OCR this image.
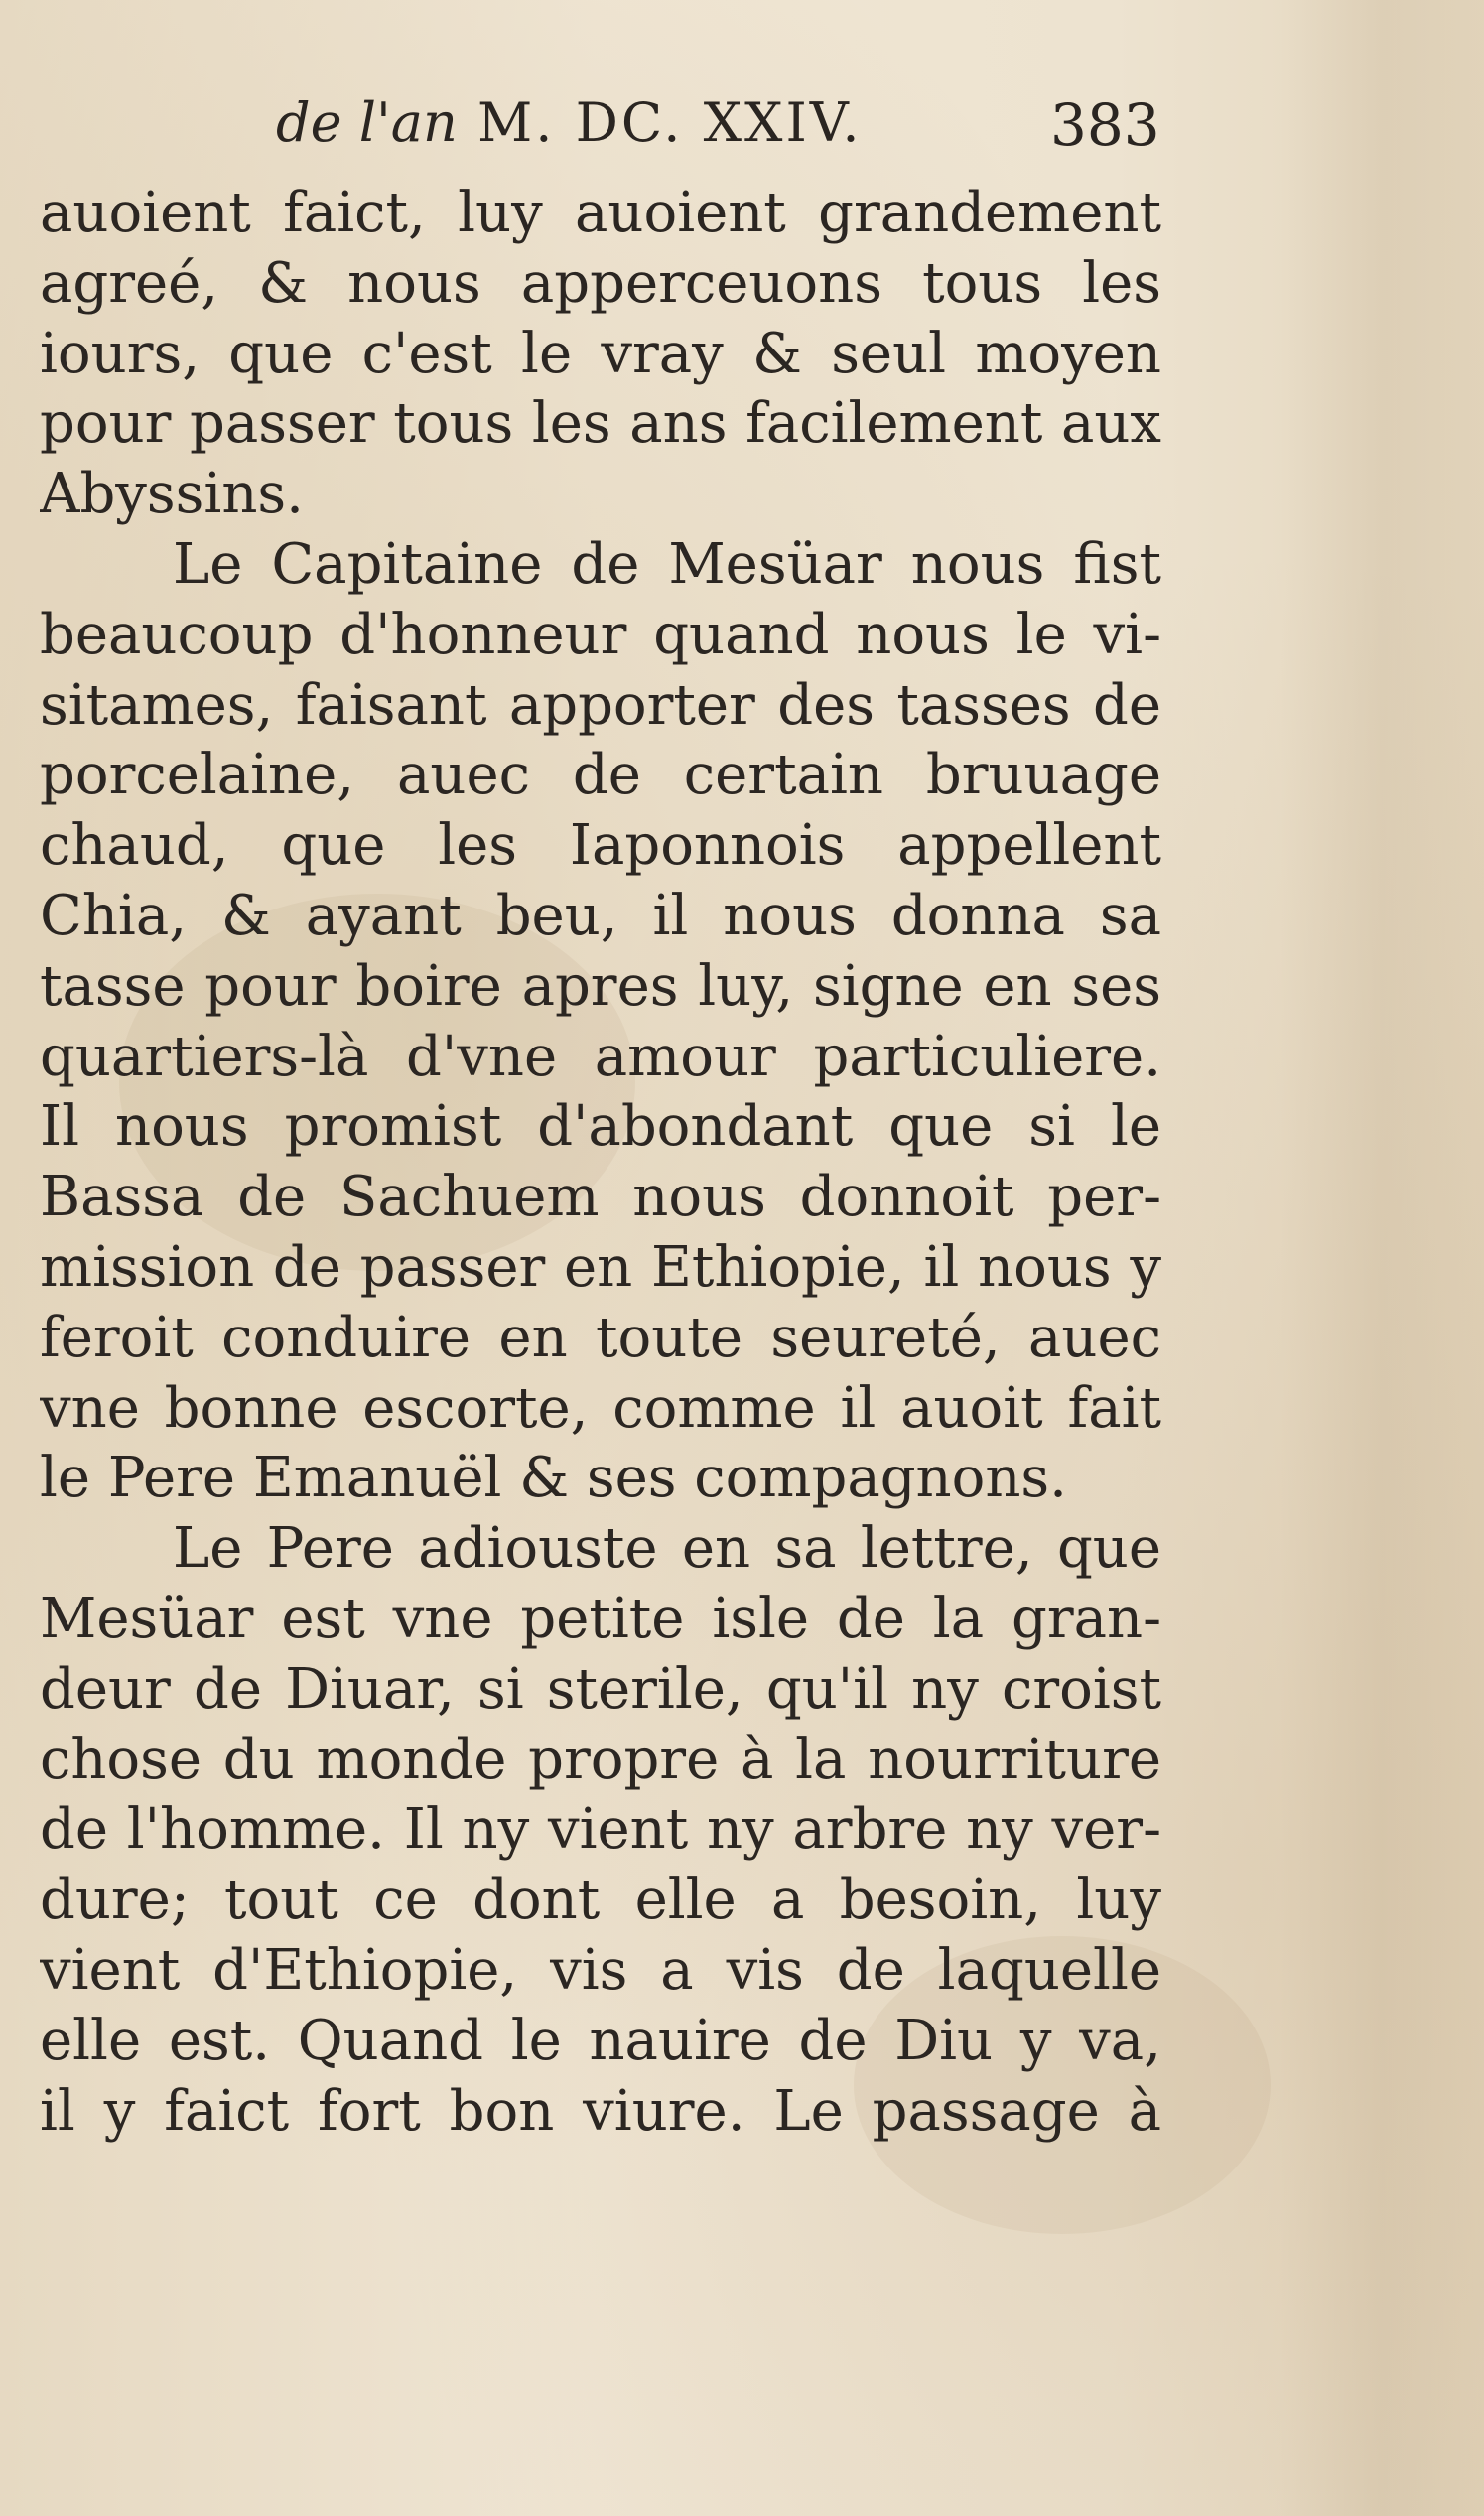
de l'an M. DC. XXIV.	383
auoient faict, luy auoient grandement
agreé, & nous apperceuons tous les
iours, que c'est le vray & seul moyen
pour passer tous les ans facilement aux
Abyssins.
Le Capitaine de Mesüar nous fist
beaucoup d'honneur quand nous le vi-
sitames, faisant apporter des tasses de
porcelaine, auec de certain bruuage
chaud, que les Iaponnois appellent
Chia, & ayant beu, il nous donna sa
tasse pour boire apres luy, signe en ses
quartiers-là d'vne amour particuliere.
Il nous promist d'abondant que si le
Bassa de Sachuem nous donnoit per-
mission de passer en Ethiopie, il nous y
feroit conduire en toute seureté, auec
vne bonne escorte, comme il auoit fait
le Pere Emanuël & ses compagnons.
Le Pere adiouste en sa lettre, que
Mesüar est vne petite isle de la gran-
deur de Diuar, si sterile, qu'il ny croist
chose du monde propre à la nourriture
de l'homme. Il ny vient ny arbre ny ver-
dure; tout ce dont elle a besoin, luy
vient d'Ethiopie, vis a vis de laquelle
elle est. Quand le nauire de Diu y va,
il y faict fort bon viure. Le passage à
